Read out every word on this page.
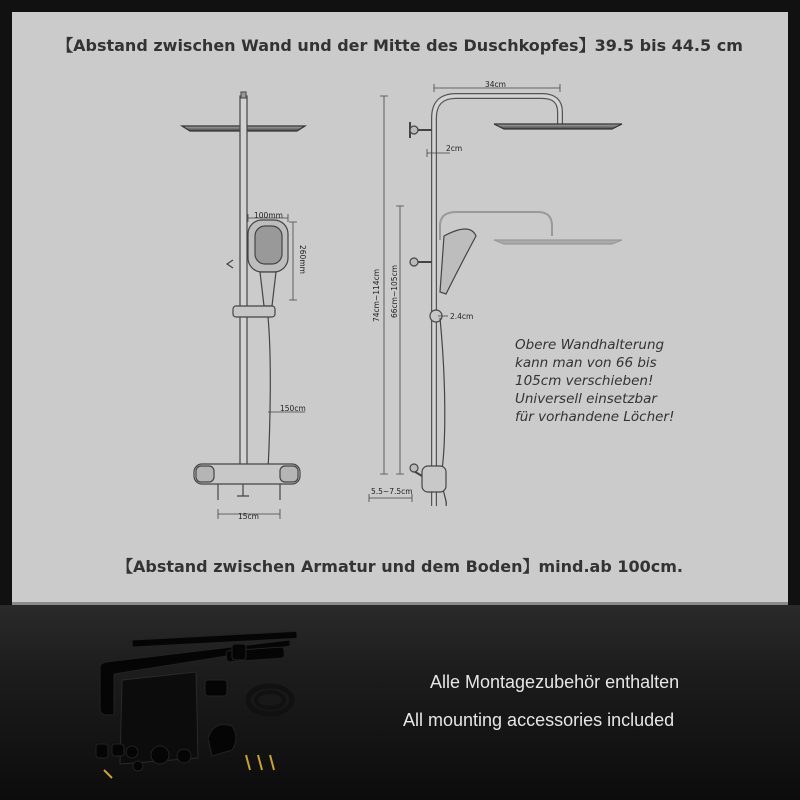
【Abstand zwischen Wand und der Mitte des Duschkopfes】39.5 bis 44.5 cm
100mm
260mm
150cm
15cm
34cm
2cm
74cm~114cm 66cm~105cm	2.4cm
5.5~7.5cm
Obere Wandhalterung
kann man von 66 bis
105cm verschieben!
Universell einsetzbar
für vorhandene Löcher!
【Abstand zwischen Armatur und dem Boden】mind.ab 100cm.
Alle Montagezubehör enthalten
All mounting accessories included
